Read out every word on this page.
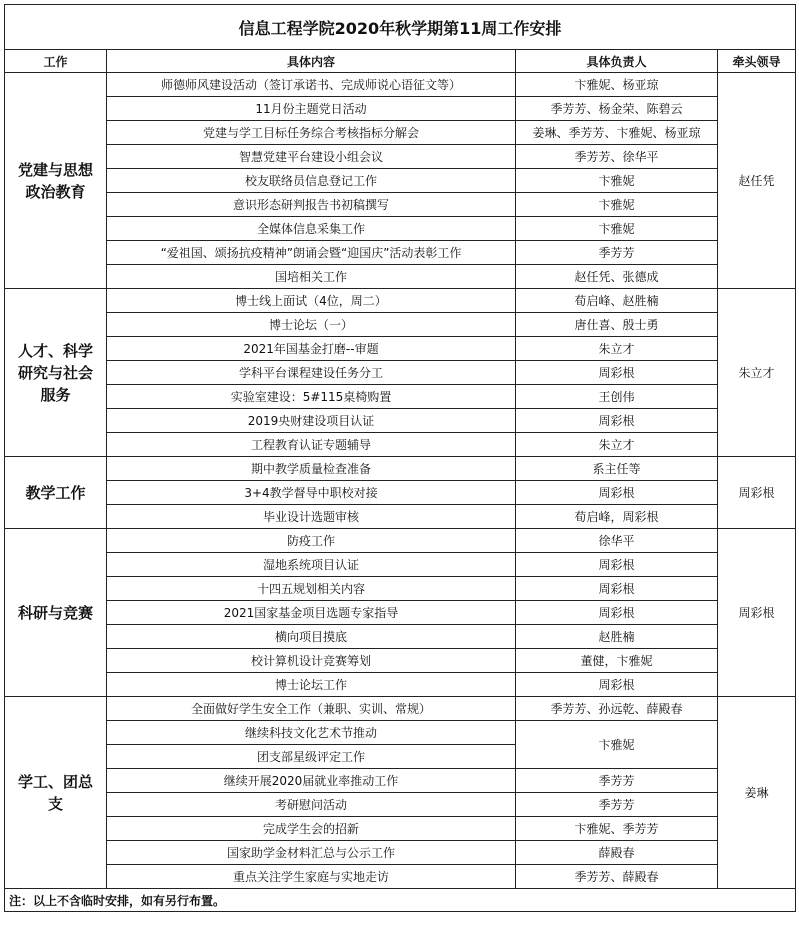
信息工程学院2020年秋学期第11周工作安排			
工作	具体内容	具体负责人	牵头领导
党建与思想政治教育	师德师风建设活动（签订承诺书、完成师说心语征文等）	卞雅妮、杨亚琼	赵任凭
	11月份主题党日活动	季芳芳、杨金荣、陈碧云	
	党建与学工目标任务综合考核指标分解会	姜琳、季芳芳、卞雅妮、杨亚琼	
	智慧党建平台建设小组会议	季芳芳、徐华平	
	校友联络员信息登记工作	卞雅妮	
	意识形态研判报告书初稿撰写	卞雅妮	
	全媒体信息采集工作	卞雅妮	
	“爱祖国、颂扬抗疫精神”朗诵会暨“迎国庆”活动表彰工作	季芳芳	
	国培相关工作	赵任凭、张德成	
人才、科学研究与社会服务	博士线上面试（4位，周二）	荀启峰、赵胜楠	朱立才
	博士论坛（一）	唐仕喜、殷士勇	
	2021年国基金打磨--审题	朱立才	
	学科平台课程建设任务分工	周彩根	
	实验室建设：5#115桌椅购置	王创伟	
	2019央财建设项目认证	周彩根	
	工程教育认证专题辅导	朱立才	
教学工作	期中教学质量检查准备	系主任等	周彩根
	3+4教学督导中职校对接	周彩根	
	毕业设计选题审核	荀启峰，周彩根	
科研与竞赛	防疫工作	徐华平	周彩根
	湿地系统项目认证	周彩根	
	十四五规划相关内容	周彩根	
	2021国家基金项目选题专家指导	周彩根	
	横向项目摸底	赵胜楠	
	校计算机设计竞赛筹划	董健，卞雅妮	
	博士论坛工作	周彩根	
学工、团总支	全面做好学生安全工作（兼职、实训、常规）	季芳芳、孙远乾、薛殿春	姜琳
	继续科技文化艺术节推动	卞雅妮	
	团支部星级评定工作		
	继续开展2020届就业率推动工作	季芳芳	
	考研慰问活动	季芳芳	
	完成学生会的招新	卞雅妮、季芳芳	
	国家助学金材料汇总与公示工作	薛殿春	
	重点关注学生家庭与实地走访	季芳芳、薛殿春	
注：以上不含临时安排，如有另行布置。			
